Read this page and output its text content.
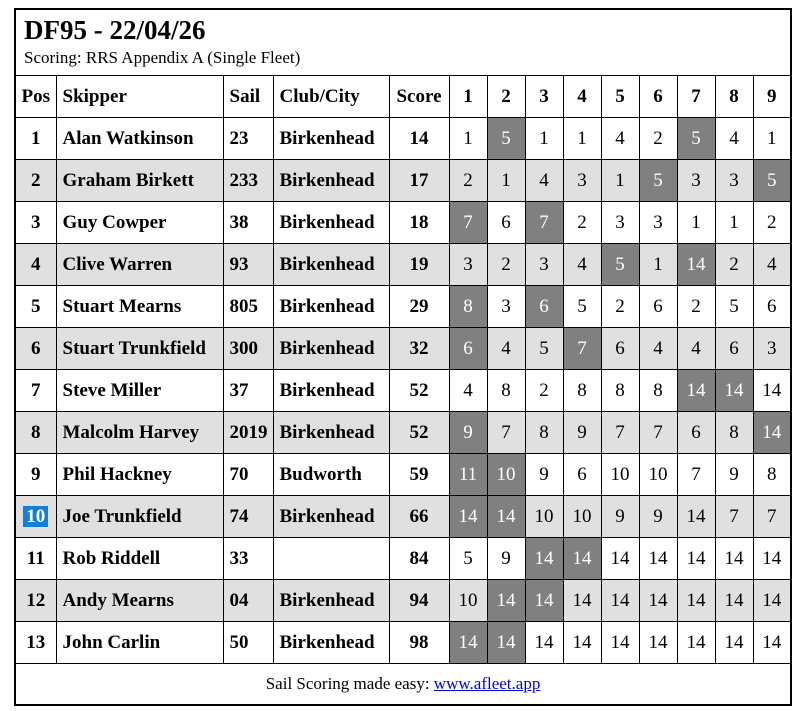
DF95 - 22/04/26
Scoring: RRS Appendix A (Single Fleet)													

Pos	Skipper	Sail	Club/City	Score	1	2	3	4	5	6	7	8	9
1	Alan Watkinson	23	Birkenhead	14	1	5	1	1	4	2	5	4	1
2	Graham Birkett	233	Birkenhead	17	2	1	4	3	1	5	3	3	5
3	Guy Cowper	38	Birkenhead	18	7	6	7	2	3	3	1	1	2
4	Clive Warren	93	Birkenhead	19	3	2	3	4	5	1	14	2	4
5	Stuart Mearns	805	Birkenhead	29	8	3	6	5	2	6	2	5	6
6	Stuart Trunkfield	300	Birkenhead	32	6	4	5	7	6	4	4	6	3
7	Steve Miller	37	Birkenhead	52	4	8	2	8	8	8	14	14	14
8	Malcolm Harvey	2019	Birkenhead	52	9	7	8	9	7	7	6	8	14
9	Phil Hackney	70	Budworth	59	11	10	9	6	10	10	7	9	8
10	Joe Trunkfield	74	Birkenhead	66	14	14	10	10	9	9	14	7	7
11	Rob Riddell	33		84	5	9	14	14	14	14	14	14	14
12	Andy Mearns	04	Birkenhead	94	10	14	14	14	14	14	14	14	14
13	John Carlin	50	Birkenhead	98	14	14	14	14	14	14	14	14	14
Sail Scoring made easy: www.afleet.app													
